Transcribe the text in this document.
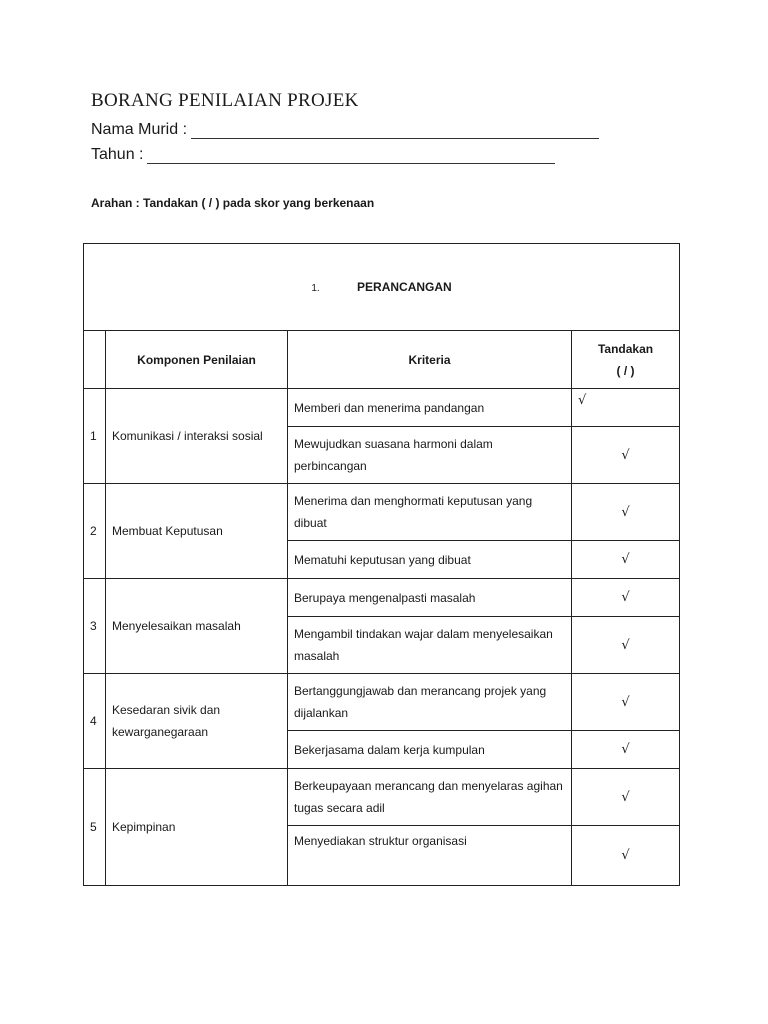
BORANG PENILAIAN PROJEK
Nama Murid :
Tahun :
Arahan : Tandakan ( / ) pada skor yang berkenaan
1. PERANCANGAN			
	Komponen Penilaian	Kriteria	Tandakan
( / )

1	Komunikasi / interaksi sosial	Memberi dan menerima pandangan	√
		Mewujudkan suasana harmoni dalam perbincangan	√
2	Membuat Keputusan	Menerima dan menghormati keputusan yang dibuat	√
		Mematuhi keputusan yang dibuat	√
3	Menyelesaikan masalah	Berupaya mengenalpasti masalah	√
		Mengambil tindakan wajar dalam menyelesaikan masalah	√
4	Kesedaran sivik dan kewarganegaraan	Bertanggungjawab dan merancang projek yang dijalankan	√
		Bekerjasama dalam kerja kumpulan	√
5	Kepimpinan	Berkeupayaan merancang dan menyelaras agihan tugas secara adil	√
		Menyediakan struktur organisasi	√
